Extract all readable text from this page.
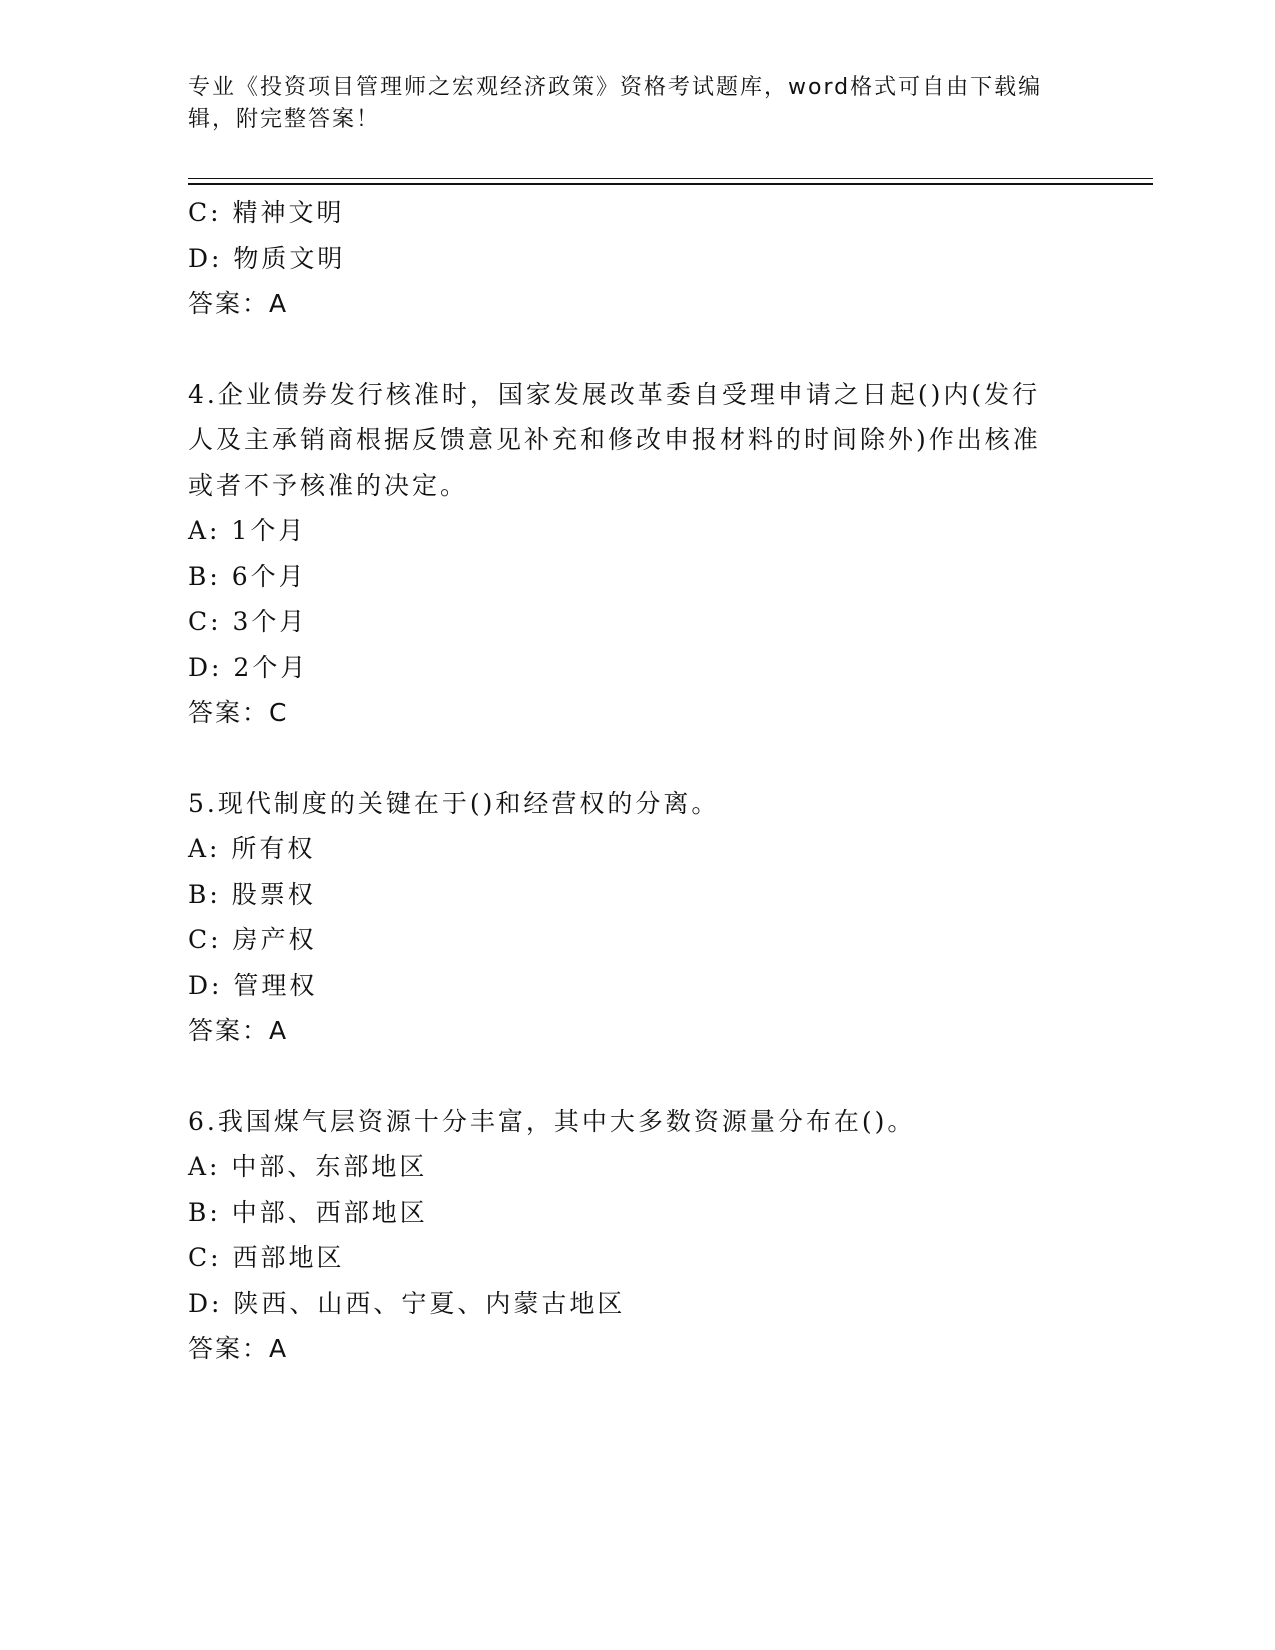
专业《投资项目管理师之宏观经济政策》资格考试题库，word格式可自由下载编
辑，附完整答案！
C: 精神文明
D: 物质文明
答案：A
4.企业债券发行核准时，国家发展改革委自受理申请之日起()内(发行
人及主承销商根据反馈意见补充和修改申报材料的时间除外)作出核准
或者不予核准的决定。
A: 1个月
B: 6个月
C: 3个月
D: 2个月
答案：C
5.现代制度的关键在于()和经营权的分离。
A: 所有权
B: 股票权
C: 房产权
D: 管理权
答案：A
6.我国煤气层资源十分丰富，其中大多数资源量分布在()。
A: 中部、东部地区
B: 中部、西部地区
C: 西部地区
D: 陕西、山西、宁夏、内蒙古地区
答案：A
